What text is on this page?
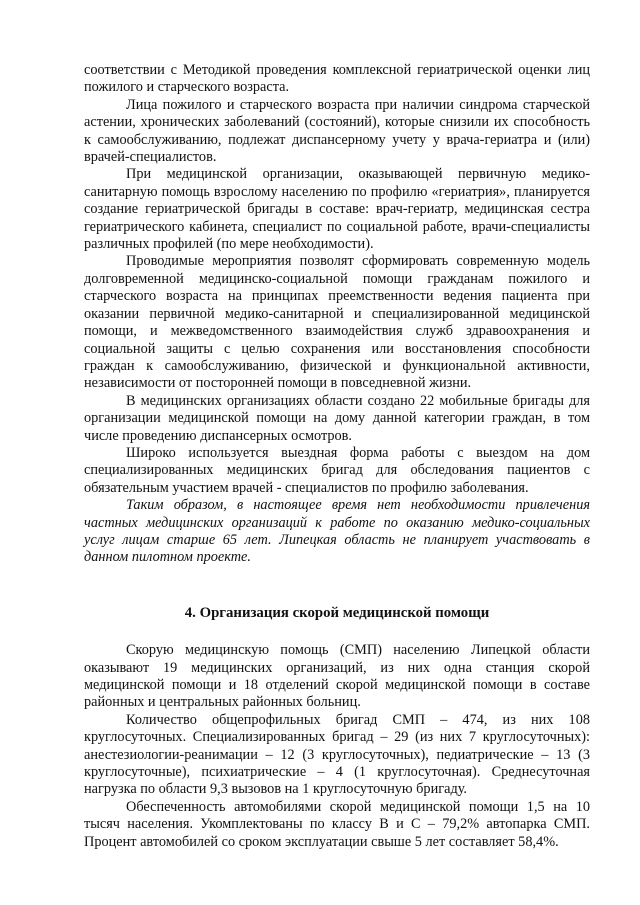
соответствии с Методикой проведения комплексной гериатрической оценки лиц пожилого и старческого возраста.

Лица пожилого и старческого возраста при наличии синдрома старческой астении, хронических заболеваний (состояний), которые снизили их способность к самообслуживанию, подлежат диспансерному учету у врача-гериатра и (или) врачей-специалистов.

При медицинской организации, оказывающей первичную медико-санитарную помощь взрослому населению по профилю «гериатрия», планируется создание гериатрической бригады в составе: врач-гериатр, медицинская сестра гериатрического кабинета, специалист по социальной работе, врачи-специалисты различных профилей (по мере необходимости).

Проводимые мероприятия позволят сформировать современную модель долговременной медицинско-социальной помощи гражданам пожилого и старческого возраста на принципах преемственности ведения пациента при оказании первичной медико-санитарной и специализированной медицинской помощи, и межведомственного взаимодействия служб здравоохранения и социальной защиты с целью сохранения или восстановления способности граждан к самообслуживанию, физической и функциональной активности, независимости от посторонней помощи в повседневной жизни.

В медицинских организациях области создано 22 мобильные бригады для организации медицинской помощи на дому данной категории граждан, в том числе проведению диспансерных осмотров.

Широко используется выездная форма работы с выездом на дом специализированных медицинских бригад для обследования пациентов с обязательным участием врачей - специалистов по профилю заболевания.

Таким образом, в настоящее время нет необходимости привлечения частных медицинских организаций к работе по оказанию медико-социальных услуг лицам старше 65 лет. Липецкая область не планирует участвовать в данном пилотном проекте.

4. Организация скорой медицинской помощи

Скорую медицинскую помощь (СМП) населению Липецкой области оказывают 19 медицинских организаций, из них одна станция скорой медицинской помощи и 18 отделений скорой медицинской помощи в составе районных и центральных районных больниц.

Количество общепрофильных бригад СМП – 474, из них 108 круглосуточных. Специализированных бригад – 29 (из них 7 круглосуточных): анестезиологии-реанимации – 12 (3 круглосуточных), педиатрические – 13 (3 круглосуточные), психиатрические – 4 (1 круглосуточная). Среднесуточная нагрузка по области 9,3 вызовов на 1 круглосуточную бригаду.

Обеспеченность автомобилями скорой медицинской помощи 1,5 на 10 тысяч населения. Укомплектованы по классу В и С – 79,2% автопарка СМП. Процент автомобилей со сроком эксплуатации свыше 5 лет составляет 58,4%.
